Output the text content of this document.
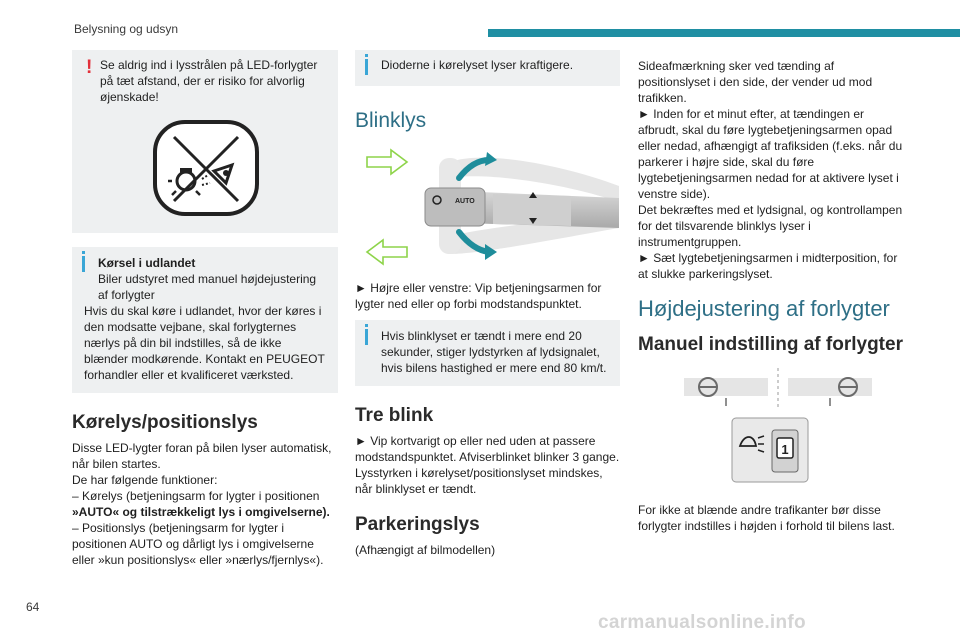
Belysning og udsyn
! Se aldrig ind i lysstrålen på LED-forlygter på tæt afstand, der er risiko for alvorlig øjenskade!

Kørsel i udlandet

Biler udstyret med manuel højdejustering af forlygter

Hvis du skal køre i udlandet, hvor der køres i den modsatte vejbane, skal forlygternes nærlys på din bil indstilles, så de ikke blænder modkørende. Kontakt en PEUGEOT forhandler eller et kvalificeret værksted.

Kørelys/positionslys

Disse LED-lygter foran på bilen lyser automatisk, når bilen startes.

De har følgende funktioner:

– Kørelys (betjeningsarm for lygter i positionen

»AUTO« og tilstrækkeligt lys i omgivelserne).

– Positionslys (betjeningsarm for lygter i

positionen AUTO og dårligt lys i omgivelserne

eller »kun positionslys« eller »nærlys/fjernlys«).

Dioderne i kørelyset lyser kraftigere.

Blinklys
AUTO

► Højre eller venstre: Vip betjeningsarmen for lygter ned eller op forbi modstandspunktet.

Hvis blinklyset er tændt i mere end 20 sekunder, stiger lydstyrken af lydsignalet, hvis bilens hastighed er mere end 80 km/t.

Tre blink

► Vip kortvarigt op eller ned uden at passere modstandspunktet. Afviserblinket blinker 3 gange.

Lysstyrken i kørelyset/positionslyset mindskes, når blinklyset er tændt.

Parkeringslys

(Afhængigt af bilmodellen)

Sideafmærkning sker ved tænding af positionslyset i den side, der vender ud mod trafikken.

► Inden for et minut efter, at tændingen er afbrudt, skal du føre lygtebetjeningsarmen opad eller nedad, afhængigt af trafiksiden (f.eks. når du parkerer i højre side, skal du føre lygtebetjeningsarmen nedad for at aktivere lyset i venstre side).

Det bekræftes med et lydsignal, og kontrollampen for det tilsvarende blinklys lyser i instrumentgruppen.

► Sæt lygtebetjeningsarmen i midterposition, for at slukke parkeringslyset.

Højdejustering af forlygter
Manuel indstilling af forlygter
1

For ikke at blænde andre trafikanter bør disse forlygter indstilles i højden i forhold til bilens last.

64
carmanualsonline.info
